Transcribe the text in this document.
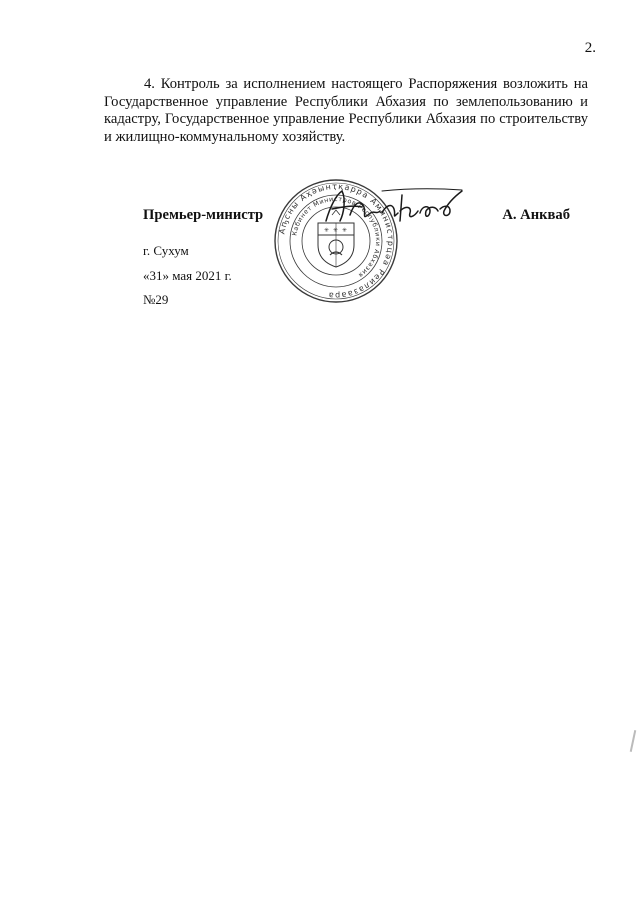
2.

4. Контроль за исполнением настоящего Распоряжения возложить на Государственное управление Республики Абхазия по землепользованию и кадастру, Государственное управление Республики Абхазия по строительству и жилищно-коммунальному хозяйству.

Премьер-министр	А. Анкваб
Аҧсны Аҳәынҭқарра Аминистрцәа Реилазаара
Кабинет Министров Республики Абхазия
✳ ✳
✳
г. Сухум
«31» мая 2021 г.
№29
